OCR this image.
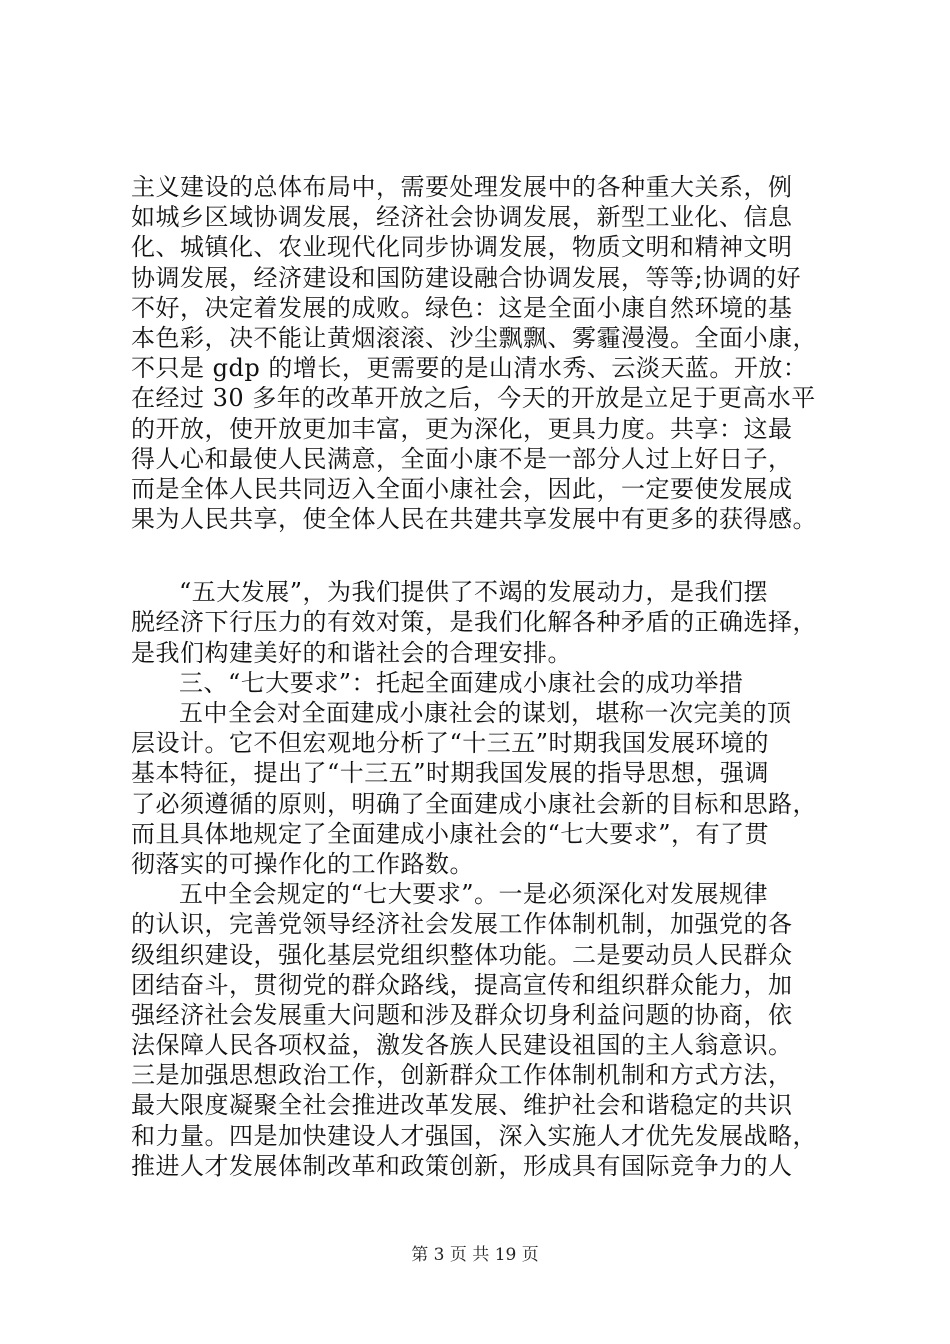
主义建设的总体布局中，需要处理发展中的各种重大关系，例
如城乡区域协调发展，经济社会协调发展，新型工业化、信息
化、城镇化、农业现代化同步协调发展，物质文明和精神文明
协调发展，经济建设和国防建设融合协调发展，等等;协调的好
不好，决定着发展的成败。绿色：这是全面小康自然环境的基
本色彩，决不能让黄烟滚滚、沙尘飘飘、雾霾漫漫。全面小康，
不只是 gdp 的增长，更需要的是山清水秀、云淡天蓝。开放：
在经过 30 多年的改革开放之后，今天的开放是立足于更高水平
的开放，使开放更加丰富，更为深化，更具力度。共享：这最
得人心和最使人民满意，全面小康不是一部分人过上好日子，
而是全体人民共同迈入全面小康社会，因此，一定要使发展成
果为人民共享，使全体人民在共建共享发展中有更多的获得感。
“五大发展”，为我们提供了不竭的发展动力，是我们摆
脱经济下行压力的有效对策，是我们化解各种矛盾的正确选择，
是我们构建美好的和谐社会的合理安排。
三、“七大要求”：托起全面建成小康社会的成功举措
五中全会对全面建成小康社会的谋划，堪称一次完美的顶
层设计。它不但宏观地分析了“十三五”时期我国发展环境的
基本特征，提出了“十三五”时期我国发展的指导思想，强调
了必须遵循的原则，明确了全面建成小康社会新的目标和思路，
而且具体地规定了全面建成小康社会的“七大要求”，有了贯
彻落实的可操作化的工作路数。
五中全会规定的“七大要求”。一是必须深化对发展规律
的认识，完善党领导经济社会发展工作体制机制，加强党的各
级组织建设，强化基层党组织整体功能。二是要动员人民群众
团结奋斗，贯彻党的群众路线，提高宣传和组织群众能力，加
强经济社会发展重大问题和涉及群众切身利益问题的协商，依
法保障人民各项权益，激发各族人民建设祖国的主人翁意识。
三是加强思想政治工作，创新群众工作体制机制和方式方法，
最大限度凝聚全社会推进改革发展、维护社会和谐稳定的共识
和力量。四是加快建设人才强国，深入实施人才优先发展战略，
推进人才发展体制改革和政策创新，形成具有国际竞争力的人
第 3 页 共 19 页
